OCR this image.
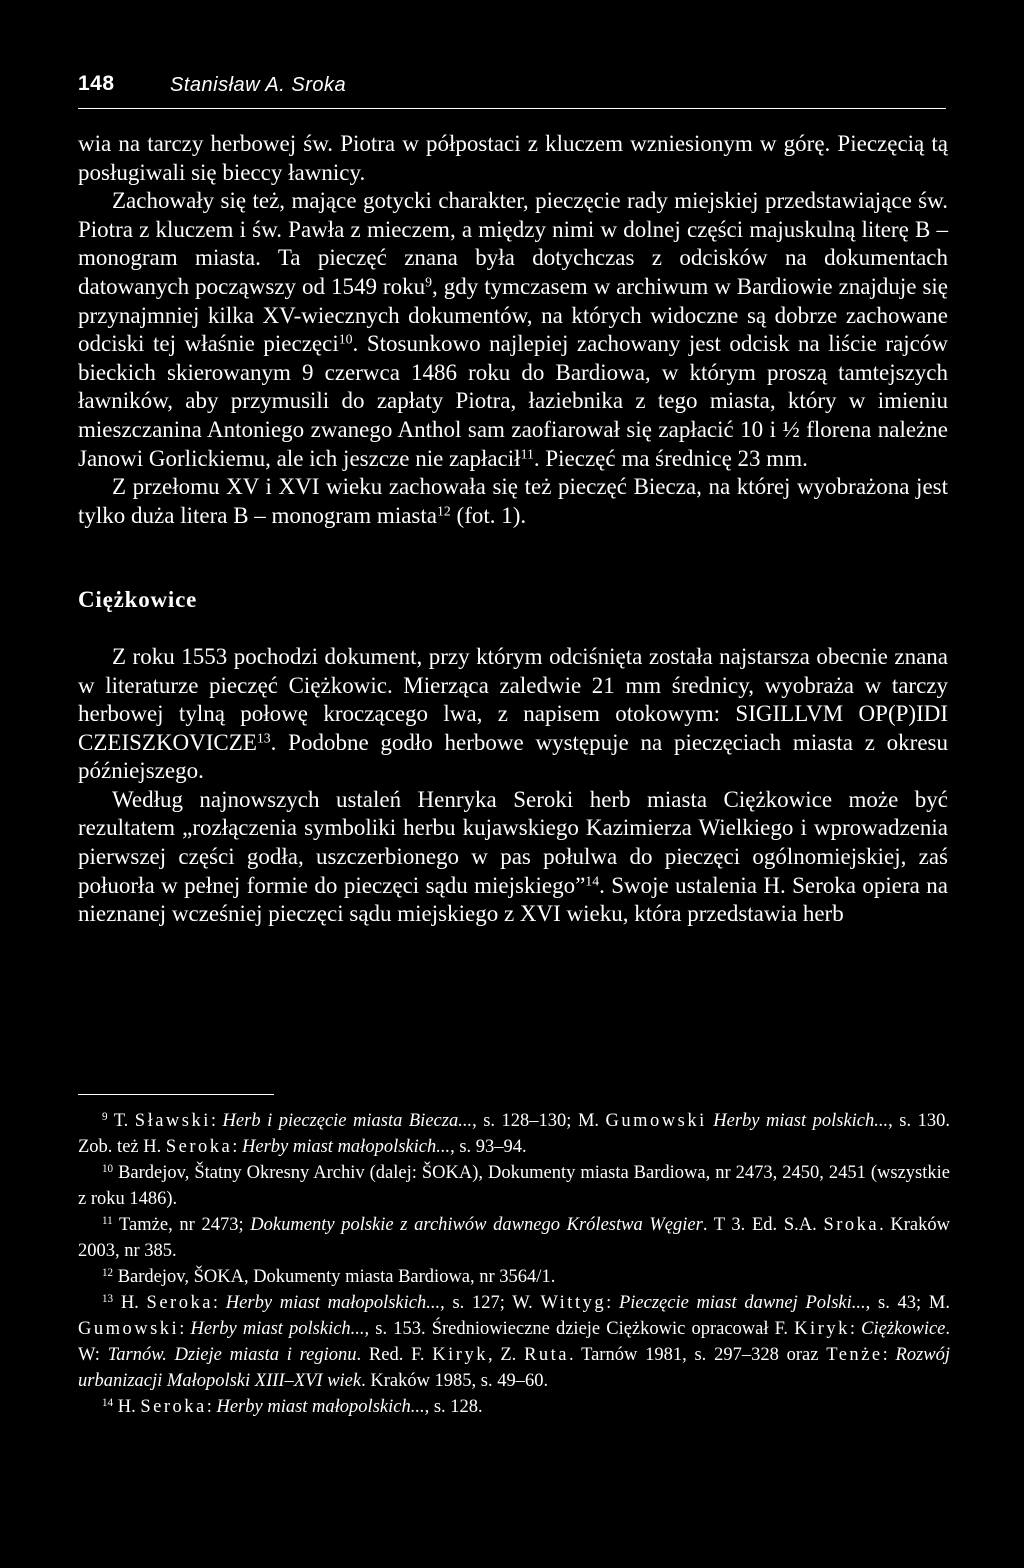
148	Stanisław A. Sroka

wia na tarczy herbowej św. Piotra w półpostaci z kluczem wzniesionym w górę. Pieczęcią tą posługiwali się bieccy ławnicy.

Zachowały się też, mające gotycki charakter, pieczęcie rady miejskiej przedstawiające św. Piotra z kluczem i św. Pawła z mieczem, a między nimi w dolnej części majuskulną literę B – monogram miasta. Ta pieczęć znana była dotychczas z odcisków na dokumentach datowanych począwszy od 1549 roku$^9$, gdy tymczasem w archiwum w Bardiowie znajduje się przynajmniej kilka XV-wiecznych dokumentów, na których widoczne są dobrze zachowane odciski tej właśnie pieczęci$^{10}$. Stosunkowo najlepiej zachowany jest odcisk na liście rajców bieckich skierowanym 9 czerwca 1486 roku do Bardiowa, w którym proszą tamtejszych ławników, aby przymusili do zapłaty Piotra, łaziebnika z tego miasta, który w imieniu mieszczanina Antoniego zwanego Anthol sam zaofiarował się zapłacić 10 i ½ florena należne Janowi Gorlickiemu, ale ich jeszcze nie zapłacił$^{11}$. Pieczęć ma średnicę 23 mm.

Z przełomu XV i XVI wieku zachowała się też pieczęć Biecza, na której wyobrażona jest tylko duża litera B – monogram miasta$^{12}$ (fot. 1).

Ciężkowice

Z roku 1553 pochodzi dokument, przy którym odciśnięta została najstarsza obecnie znana w literaturze pieczęć Ciężkowic. Mierząca zaledwie 21 mm średnicy, wyobraża w tarczy herbowej tylną połowę kroczącego lwa, z napisem otokowym: SIGILLVM OP(P)IDI CZEISZKOVICZE$^{13}$. Podobne godło herbowe występuje na pieczęciach miasta z okresu późniejszego.

Według najnowszych ustaleń Henryka Seroki herb miasta Ciężkowice może być rezultatem „rozłączenia symboliki herbu kujawskiego Kazimierza Wielkiego i wprowadzenia pierwszej części godła, uszczerbionego w pas połulwa do pieczęci ogólnomiejskiej, zaś połuorła w pełnej formie do pieczęci sądu miejskiego”$^{14}$. Swoje ustalenia H. Seroka opiera na nieznanej wcześniej pieczęci sądu miejskiego z XVI wieku, która przedstawia herb

$^9$ T. Sławski: Herb i pieczęcie miasta Biecza..., s. 128–130; M. Gumowski Herby miast polskich..., s. 130. Zob. też H. Seroka: Herby miast małopolskich..., s. 93–94.

$^{10}$ Bardejov, Štatny Okresny Archiv (dalej: ŠOKA), Dokumenty miasta Bardiowa, nr 2473, 2450, 2451 (wszystkie z roku 1486).

$^{11}$ Tamże, nr 2473; Dokumenty polskie z archiwów dawnego Królestwa Węgier. T 3. Ed. S.A. Sroka. Kraków 2003, nr 385.

$^{12}$ Bardejov, ŠOKA, Dokumenty miasta Bardiowa, nr 3564/1.

$^{13}$ H. Seroka: Herby miast małopolskich..., s. 127; W. Wittyg: Pieczęcie miast dawnej Polski..., s. 43; M. Gumowski: Herby miast polskich..., s. 153. Średniowieczne dzieje Ciężkowic opracował F. Kiryk: Ciężkowice. W: Tarnów. Dzieje miasta i regionu. Red. F. Kiryk, Z. Ruta. Tarnów 1981, s. 297–328 oraz Tenże: Rozwój urbanizacji Małopolski XIII–XVI wiek. Kraków 1985, s. 49–60.

$^{14}$ H. Seroka: Herby miast małopolskich..., s. 128.
